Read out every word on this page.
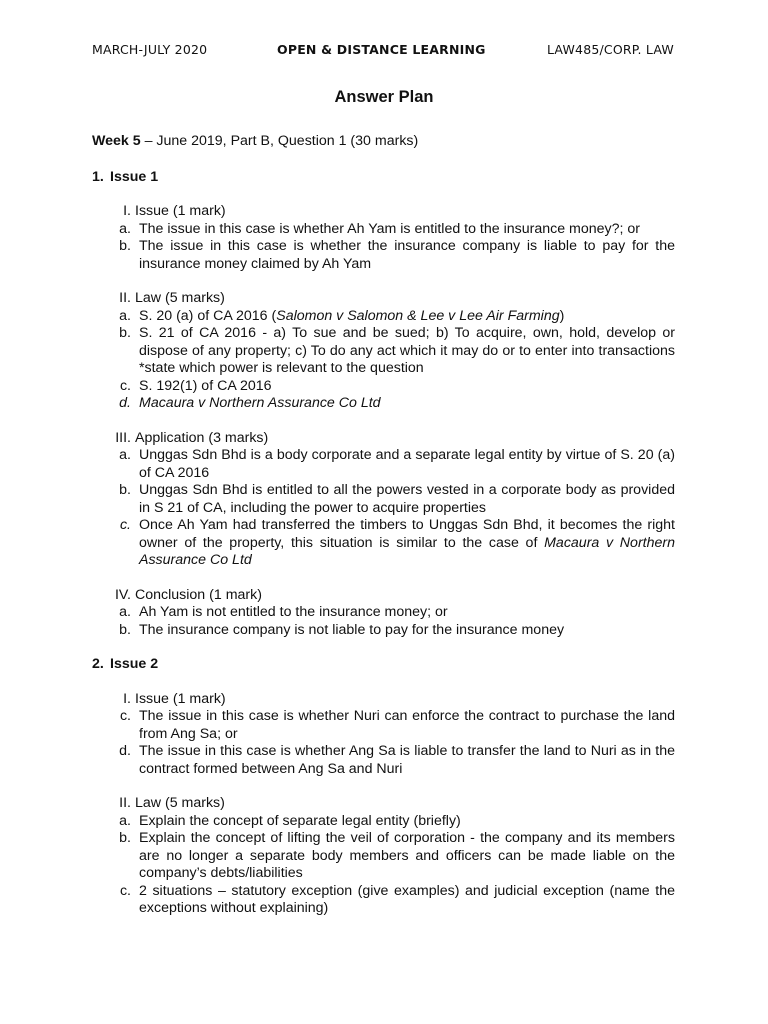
MARCH-JULY 2020	OPEN & DISTANCE LEARNING	LAW485/CORP. LAW
Answer Plan
Week 5 – June 2019, Part B, Question 1 (30 marks)
1. Issue 1
I. Issue (1 mark)
a. The issue in this case is whether Ah Yam is entitled to the insurance money?; or
b. The issue in this case is whether the insurance company is liable to pay for the insurance money claimed by Ah Yam
II. Law (5 marks)
a. S. 20 (a) of CA 2016 (Salomon v Salomon & Lee v Lee Air Farming)
b. S. 21 of CA 2016 - a) To sue and be sued; b) To acquire, own, hold, develop or dispose of any property; c) To do any act which it may do or to enter into transactions *state which power is relevant to the question
c. S. 192(1) of CA 2016
d. Macaura v Northern Assurance Co Ltd
III. Application (3 marks)
a. Unggas Sdn Bhd is a body corporate and a separate legal entity by virtue of S. 20 (a) of CA 2016
b. Unggas Sdn Bhd is entitled to all the powers vested in a corporate body as provided in S 21 of CA, including the power to acquire properties
c. Once Ah Yam had transferred the timbers to Unggas Sdn Bhd, it becomes the right owner of the property, this situation is similar to the case of Macaura v Northern Assurance Co Ltd
IV. Conclusion (1 mark)
a. Ah Yam is not entitled to the insurance money; or
b. The insurance company is not liable to pay for the insurance money
2. Issue 2
I. Issue (1 mark)
c. The issue in this case is whether Nuri can enforce the contract to purchase the land from Ang Sa; or
d. The issue in this case is whether Ang Sa is liable to transfer the land to Nuri as in the contract formed between Ang Sa and Nuri
II. Law (5 marks)
a. Explain the concept of separate legal entity (briefly)
b. Explain the concept of lifting the veil of corporation - the company and its members are no longer a separate body members and officers can be made liable on the company’s debts/liabilities
c. 2 situations – statutory exception (give examples) and judicial exception (name the exceptions without explaining)
